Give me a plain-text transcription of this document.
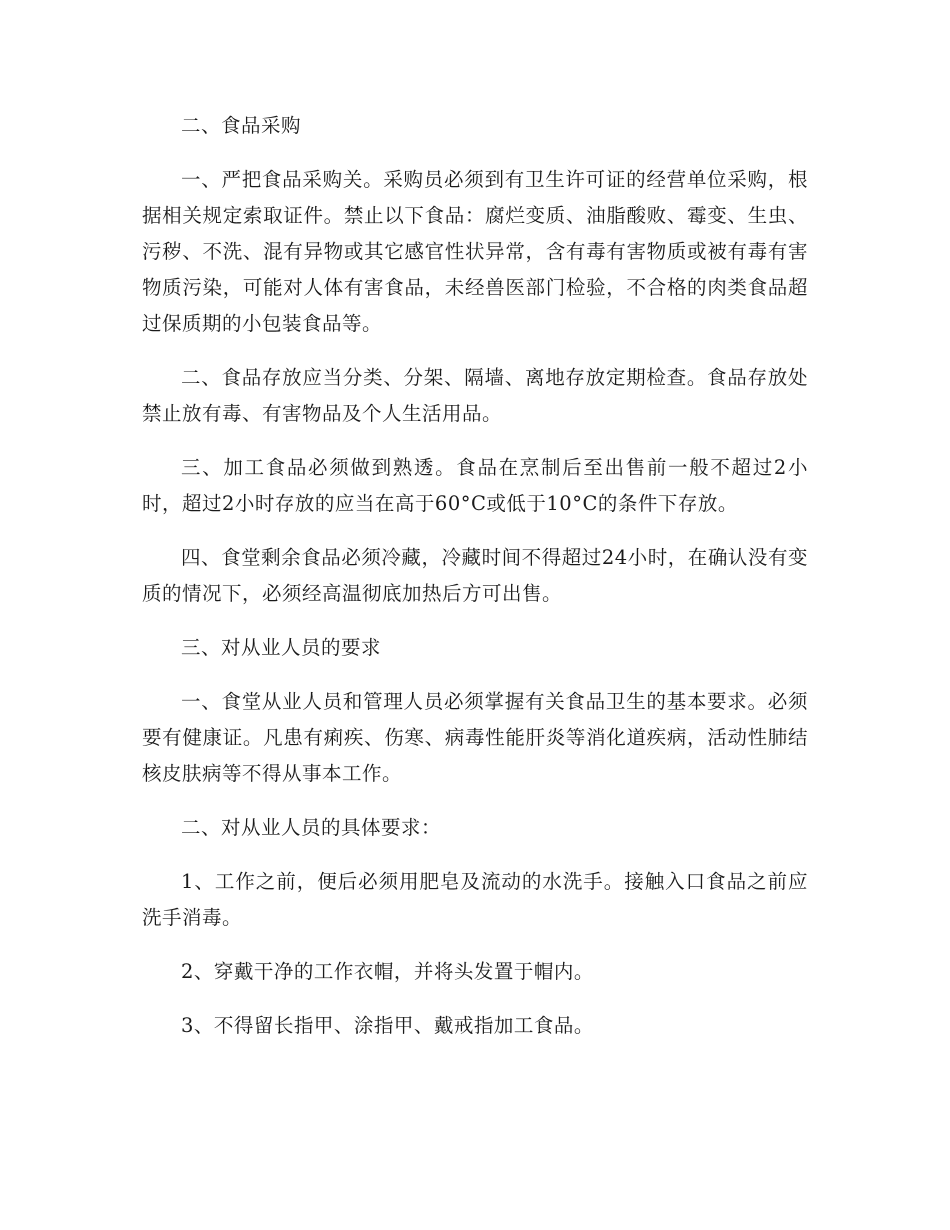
二、食品采购

一、严把食品采购关。采购员必须到有卫生许可证的经营单位采购，根据相关规定索取证件。禁止以下食品：腐烂变质、油脂酸败、霉变、生虫、污秽、不洗、混有异物或其它感官性状异常，含有毒有害物质或被有毒有害物质污染，可能对人体有害食品，未经兽医部门检验，不合格的肉类食品超过保质期的小包装食品等。

二、食品存放应当分类、分架、隔墙、离地存放定期检查。食品存放处禁止放有毒、有害物品及个人生活用品。

三、加工食品必须做到熟透。食品在烹制后至出售前一般不超过2小时，超过2小时存放的应当在高于60°C或低于10°C的条件下存放。

四、食堂剩余食品必须冷藏，冷藏时间不得超过24小时，在确认没有变质的情况下，必须经高温彻底加热后方可出售。

三、对从业人员的要求

一、食堂从业人员和管理人员必须掌握有关食品卫生的基本要求。必须要有健康证。凡患有痢疾、伤寒、病毒性能肝炎等消化道疾病，活动性肺结核皮肤病等不得从事本工作。

二、对从业人员的具体要求：

1、工作之前，便后必须用肥皂及流动的水洗手。接触入口食品之前应洗手消毒。

2、穿戴干净的工作衣帽，并将头发置于帽内。

3、不得留长指甲、涂指甲、戴戒指加工食品。
